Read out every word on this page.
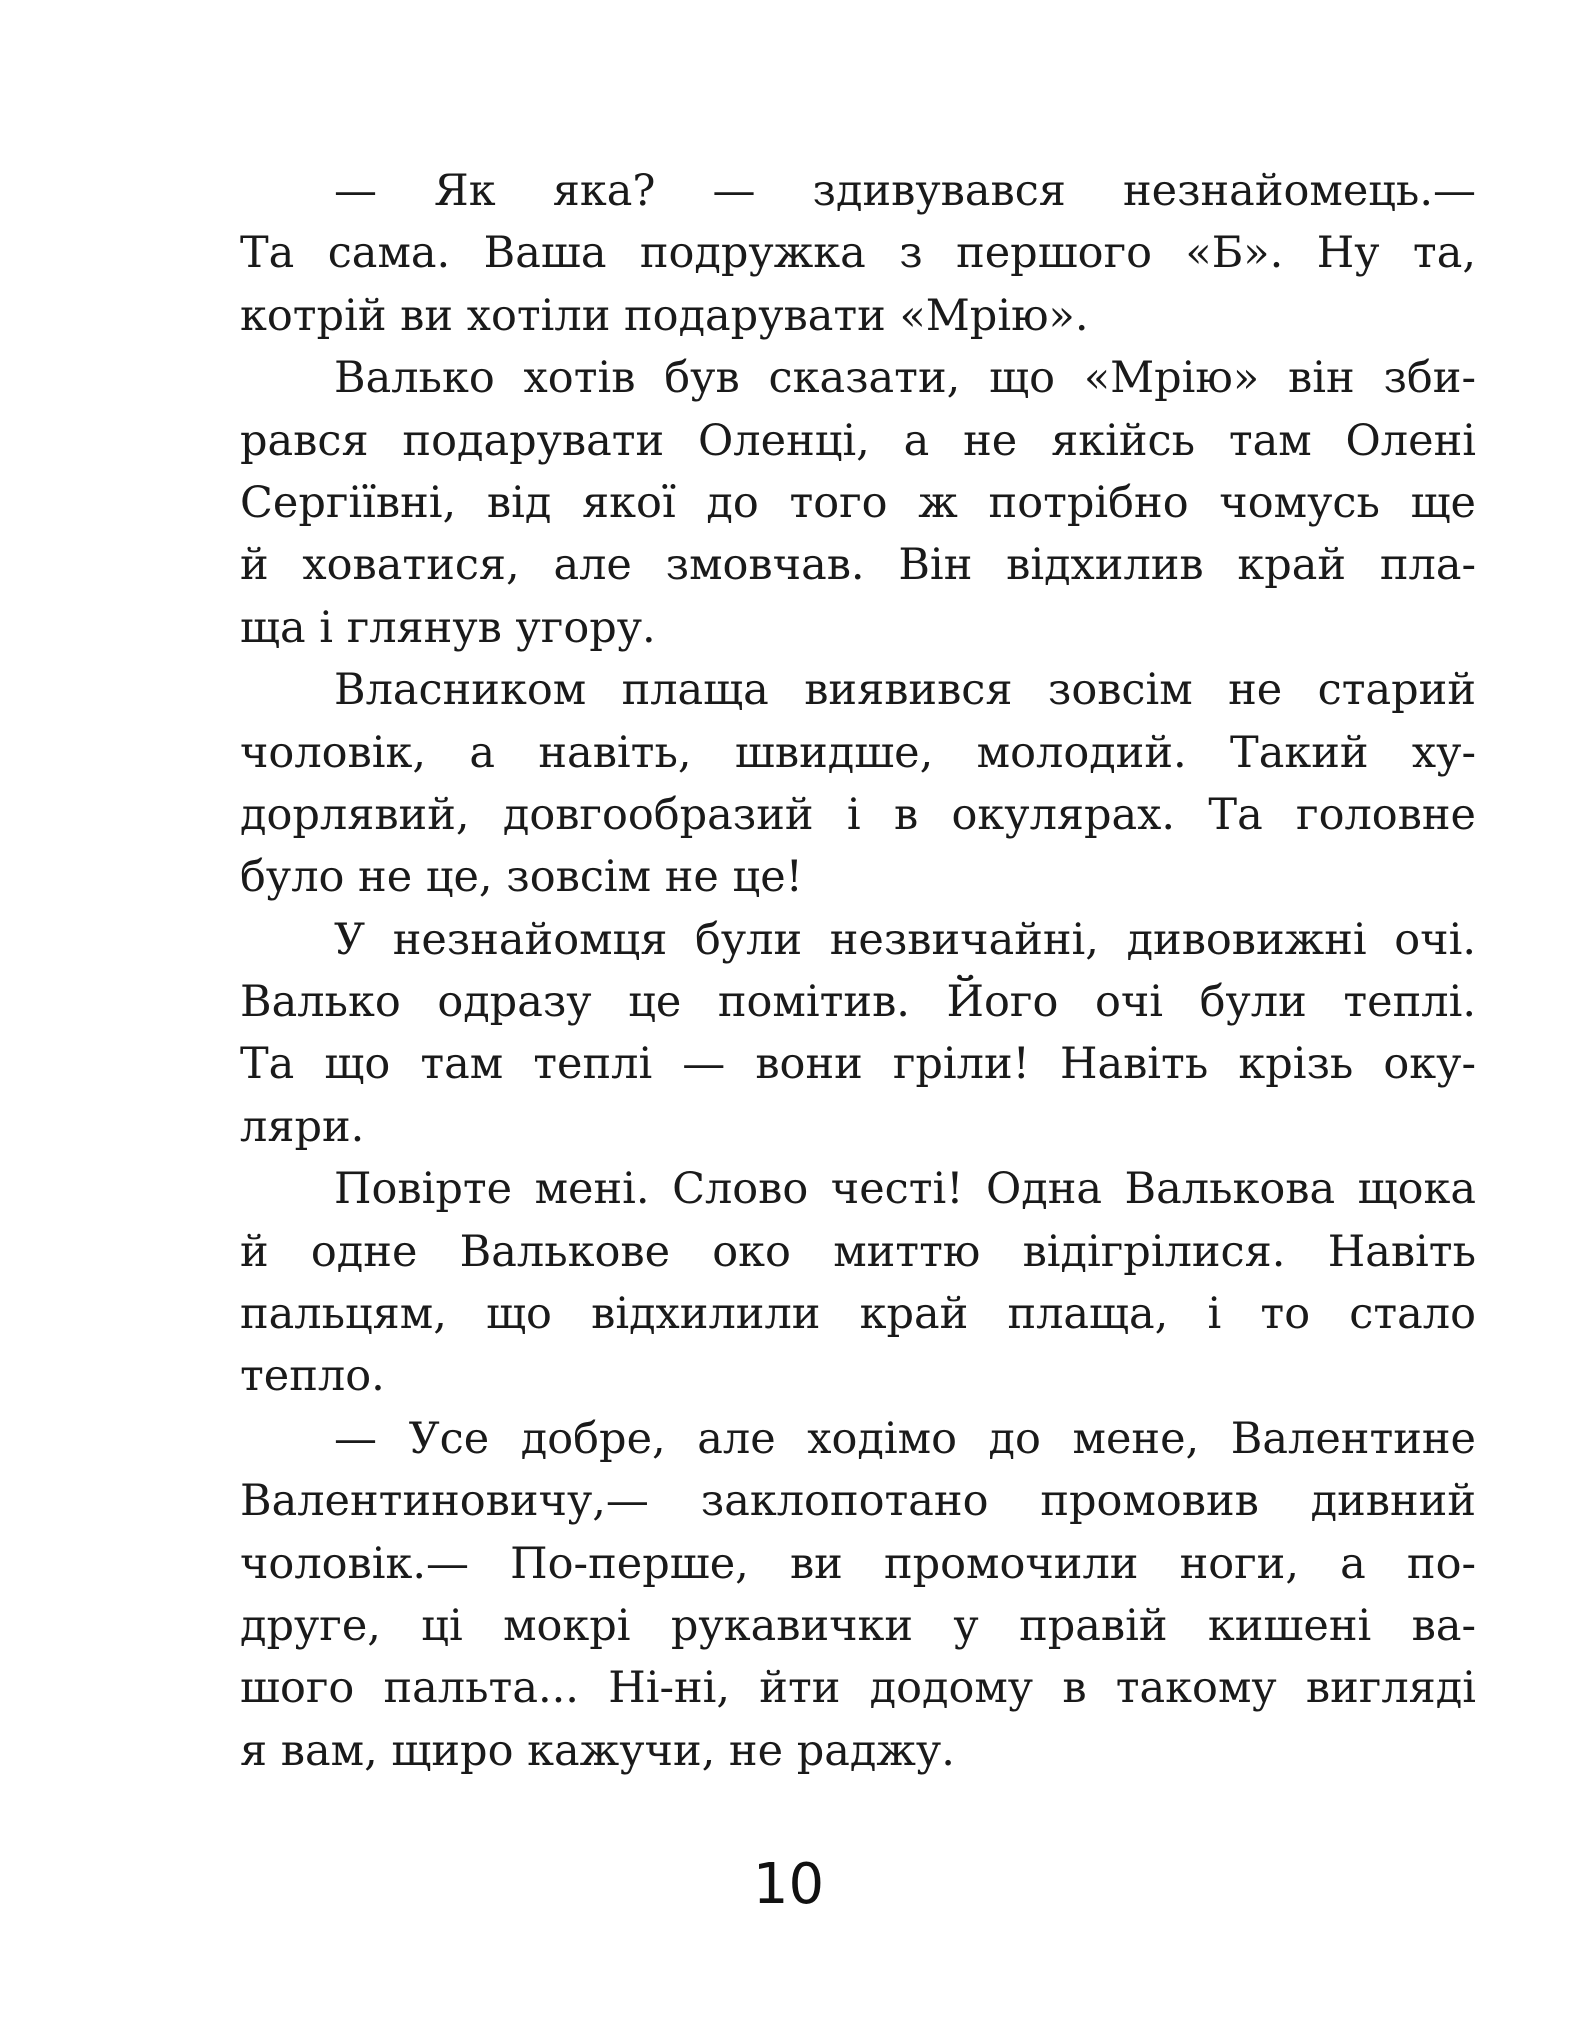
— Як яка? — здивувався незнайомець.—
Та сама. Ваша подружка з першого «Б». Ну та,
котрій ви хотіли подарувати «Мрію».
Валько хотів був сказати, що «Мрію» він зби-
рався подарувати Оленці, а не якійсь там Олені
Сергіївні, від якої до того ж потрібно чомусь ще
й ховатися, але змовчав. Він відхилив край пла-
ща і глянув угору.
Власником плаща виявився зовсім не старий
чоловік, а навіть, швидше, молодий. Такий ху-
дорлявий, довгообразий і в окулярах. Та головне
було не це, зовсім не це!
У незнайомця були незвичайні, дивовижні очі.
Валько одразу це помітив. Його очі були теплі.
Та що там теплі — вони гріли! Навіть крізь оку-
ляри.
Повірте мені. Слово честі! Одна Валькова щока
й одне Валькове око миттю відігрілися. Навіть
пальцям, що відхилили край плаща, і то стало
тепло.
— Усе добре, але ходімо до мене, Валентине
Валентиновичу,— заклопотано промовив дивний
чоловік.— По-перше, ви промочили ноги, а по-
друге, ці мокрі рукавички у правій кишені ва-
шого пальта... Ні-ні, йти додому в такому вигляді
я вам, щиро кажучи, не раджу.
10
